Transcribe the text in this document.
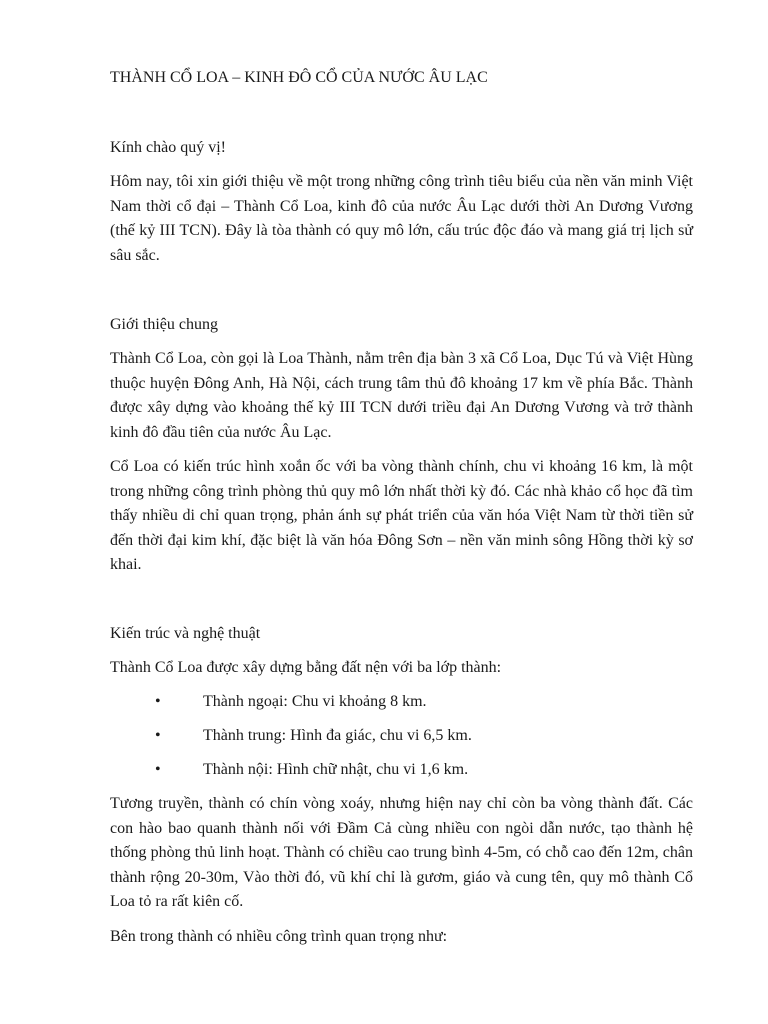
THÀNH CỔ LOA – KINH ĐÔ CỔ CỦA NƯỚC ÂU LẠC

Kính chào quý vị!

Hôm nay, tôi xin giới thiệu về một trong những công trình tiêu biểu của nền văn minh Việt Nam thời cổ đại – Thành Cổ Loa, kinh đô của nước Âu Lạc dưới thời An Dương Vương (thế kỷ III TCN). Đây là tòa thành có quy mô lớn, cấu trúc độc đáo và mang giá trị lịch sử sâu sắc.

Giới thiệu chung

Thành Cổ Loa, còn gọi là Loa Thành, nằm trên địa bàn 3 xã Cổ Loa, Dục Tú và Việt Hùng thuộc huyện Đông Anh, Hà Nội, cách trung tâm thủ đô khoảng 17 km về phía Bắc. Thành được xây dựng vào khoảng thế kỷ III TCN dưới triều đại An Dương Vương và trở thành kinh đô đầu tiên của nước Âu Lạc.

Cổ Loa có kiến trúc hình xoắn ốc với ba vòng thành chính, chu vi khoảng 16 km, là một trong những công trình phòng thủ quy mô lớn nhất thời kỳ đó. Các nhà khảo cổ học đã tìm thấy nhiều di chỉ quan trọng, phản ánh sự phát triển của văn hóa Việt Nam từ thời tiền sử đến thời đại kim khí, đặc biệt là văn hóa Đông Sơn – nền văn minh sông Hồng thời kỳ sơ khai.

Kiến trúc và nghệ thuật

Thành Cổ Loa được xây dựng bằng đất nện với ba lớp thành:

•	Thành ngoại: Chu vi khoảng 8 km.
•	Thành trung: Hình đa giác, chu vi 6,5 km.
•	Thành nội: Hình chữ nhật, chu vi 1,6 km.

Tương truyền, thành có chín vòng xoáy, nhưng hiện nay chỉ còn ba vòng thành đất. Các con hào bao quanh thành nối với Đầm Cả cùng nhiều con ngòi dẫn nước, tạo thành hệ thống phòng thủ linh hoạt. Thành có chiều cao trung bình 4-5m, có chỗ cao đến 12m, chân thành rộng 20-30m, Vào thời đó, vũ khí chỉ là gươm, giáo và cung tên, quy mô thành Cổ Loa tỏ ra rất kiên cố.

Bên trong thành có nhiều công trình quan trọng như:
